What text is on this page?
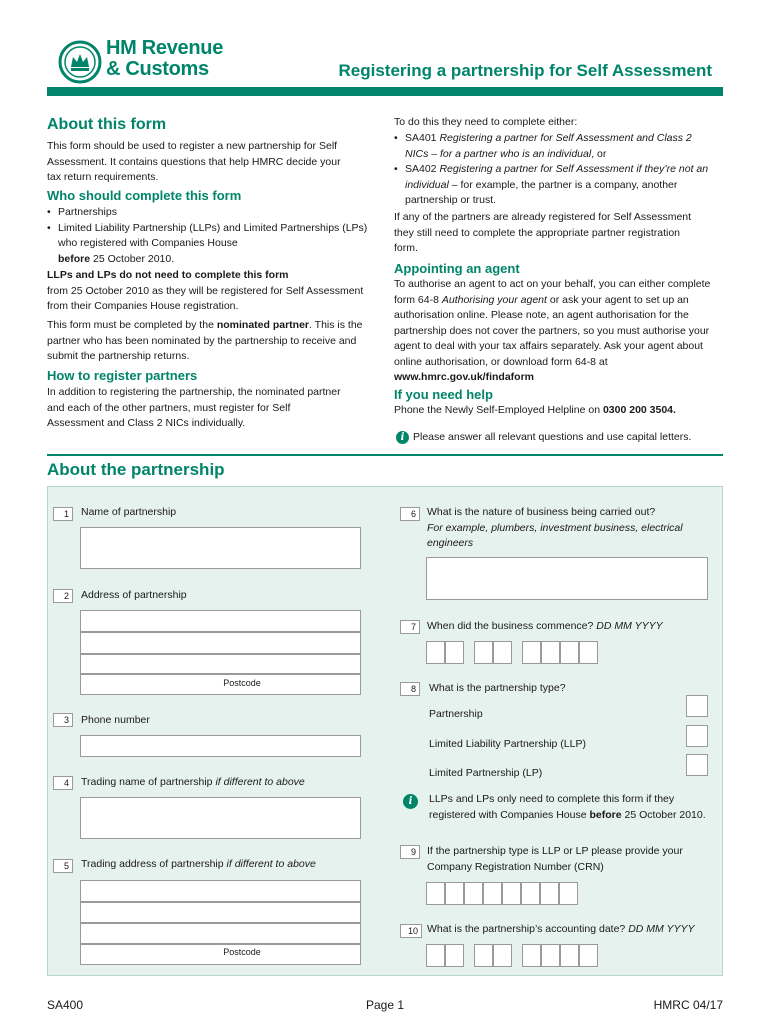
HM Revenue
& Customs	Registering a partnership for Self Assessment
About this form
This form should be used to register a new partnership for Self Assessment. It contains questions that help HMRC decide your tax return requirements.
Who should complete this form
• Partnerships
• Limited Liability Partnership (LLPs) and Limited Partnerships (LPs) who registered with Companies House
before 25 October 2010.
LLPs and LPs do not need to complete this form
from 25 October 2010 as they will be registered for Self Assessment from their Companies House registration.
This form must be completed by the nominated partner. This is the partner who has been nominated by the partnership to receive and submit the partnership returns.
How to register partners
In addition to registering the partnership, the nominated partner and each of the other partners, must register for Self Assessment and Class 2 NICs individually.
To do this they need to complete either:
• SA401 Registering a partner for Self Assessment and Class 2 NICs – for a partner who is an individual, or
• SA402 Registering a partner for Self Assessment if they’re not an individual – for example, the partner is a company, another partnership or trust.
If any of the partners are already registered for Self Assessment they still need to complete the appropriate partner registration form.
Appointing an agent
To authorise an agent to act on your behalf, you can either complete form 64-8 Authorising your agent or ask your agent to set up an authorisation online. Please note, an agent authorisation for the partnership does not cover the partners, so you must authorise your agent to deal with your tax affairs separately. Ask your agent about online authorisation, or download form 64-8 at www.hmrc.gov.uk/findaform
If you need help
Phone the Newly Self-Employed Helpline on 0300 200 3504.
i Please answer all relevant questions and use capital letters.
About the partnership
1	Name of partnership
2	Address of partnership
Postcode
3	Phone number
4	Trading name of partnership if different to above
5	Trading address of partnership if different to above
Postcode
6	What is the nature of business being carried out?
For example, plumbers, investment business, electrical engineers
7	When did the business commence? DD MM YYYY
8	What is the partnership type?
Partnership
Limited Liability Partnership (LLP)
Limited Partnership (LP)
i	LLPs and LPs only need to complete this form if they registered with Companies House before 25 October 2010.
9	If the partnership type is LLP or LP please provide your Company Registration Number (CRN)
10 What is the partnership’s accounting date? DD MM YYYY
SA400	Page 1	HMRC 04/17
